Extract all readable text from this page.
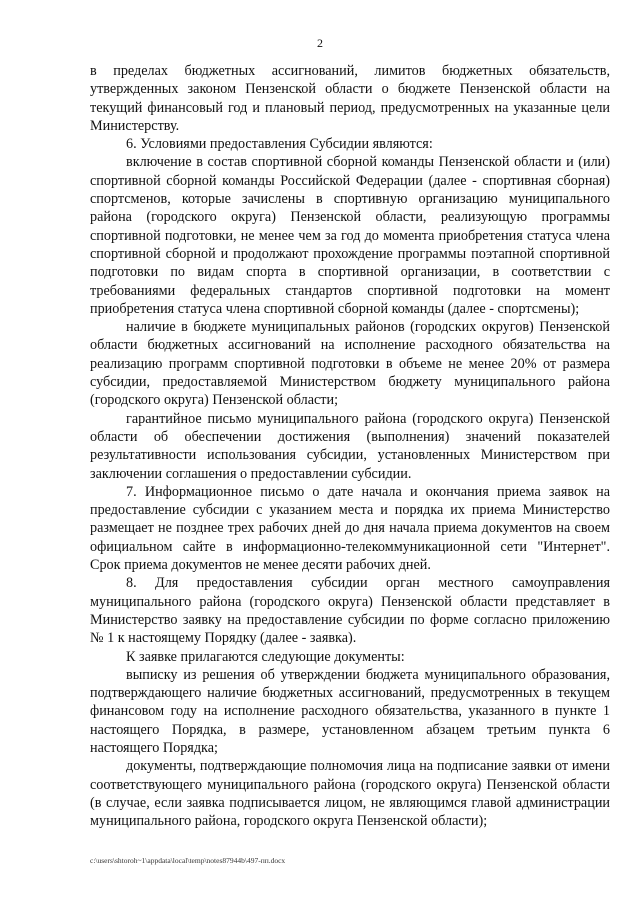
2

в пределах бюджетных ассигнований, лимитов бюджетных обязательств, утвержденных законом Пензенской области о бюджете Пензенской области на текущий финансовый год и плановый период, предусмотренных на указанные цели Министерству.

6. Условиями предоставления Субсидии являются:

включение в состав спортивной сборной команды Пензенской области и (или) спортивной сборной команды Российской Федерации (далее - спортивная сборная) спортсменов, которые зачислены в спортивную организацию муниципального района (городского округа) Пензенской области, реализующую программы спортивной подготовки, не менее чем за год до момента приобретения статуса члена спортивной сборной и продолжают прохождение программы поэтапной спортивной подготовки по видам спорта в спортивной организации, в соответствии с требованиями федеральных стандартов спортивной подготовки на момент приобретения статуса члена спортивной сборной команды (далее - спортсмены);

наличие в бюджете муниципальных районов (городских округов) Пензенской области бюджетных ассигнований на исполнение расходного обязательства на реализацию программ спортивной подготовки в объеме не менее 20% от размера субсидии, предоставляемой Министерством бюджету муниципального района (городского округа) Пензенской области;

гарантийное письмо муниципального района (городского округа) Пензенской области об обеспечении достижения (выполнения) значений показателей результативности использования субсидии, установленных Министерством при заключении соглашения о предоставлении субсидии.

7. Информационное письмо о дате начала и окончания приема заявок на предоставление субсидии с указанием места и порядка их приема Министерство размещает не позднее трех рабочих дней до дня начала приема документов на своем официальном сайте в информационно-телекоммуникационной сети "Интернет". Срок приема документов не менее десяти рабочих дней.

8. Для предоставления субсидии орган местного самоуправления муниципального района (городского округа) Пензенской области представляет в Министерство заявку на предоставление субсидии по форме согласно приложению № 1 к настоящему Порядку (далее - заявка).

К заявке прилагаются следующие документы:

выписку из решения об утверждении бюджета муниципального образования, подтверждающего наличие бюджетных ассигнований, предусмотренных в текущем финансовом году на исполнение расходного обязательства, указанного в пункте 1 настоящего Порядка, в размере, установленном абзацем третьим пункта 6 настоящего Порядка;

документы, подтверждающие полномочия лица на подписание заявки от имени соответствующего муниципального района (городского округа) Пензенской области (в случае, если заявка подписывается лицом, не являющимся главой администрации муниципального района, городского округа Пензенской области);

c:\users\shtoroh~1\appdata\local\temp\notes87944b\497-пп.docx
